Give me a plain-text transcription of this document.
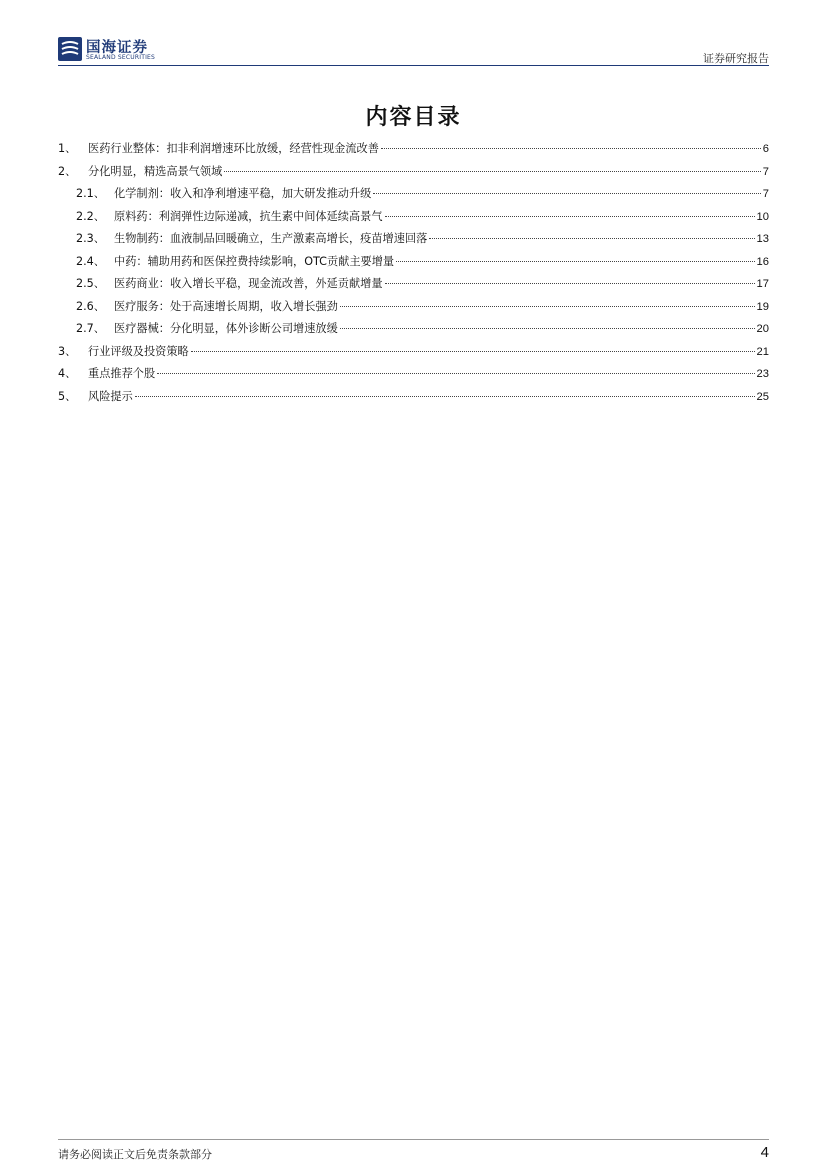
国海证券
SEALAND SECURITIES	证券研究报告
内容目录
1、	医药行业整体：扣非利润增速环比放缓，经营性现金流改善	6
2、	分化明显，精选高景气领域	7
2.1、 化学制剂：收入和净利增速平稳，加大研发推动升级	7
2.2、 原料药：利润弹性边际递减，抗生素中间体延续高景气	10
2.3、 生物制药：血液制品回暖确立，生产激素高增长，疫苗增速回落	13
2.4、 中药：辅助用药和医保控费持续影响，OTC贡献主要增量	16
2.5、 医药商业：收入增长平稳，现金流改善，外延贡献增量	17
2.6、 医疗服务：处于高速增长周期，收入增长强劲	19
2.7、 医疗器械：分化明显，体外诊断公司增速放缓	20
3、	行业评级及投资策略	21
4、	重点推荐个股	23
5、	风险提示	25
请务必阅读正文后免责条款部分	4
